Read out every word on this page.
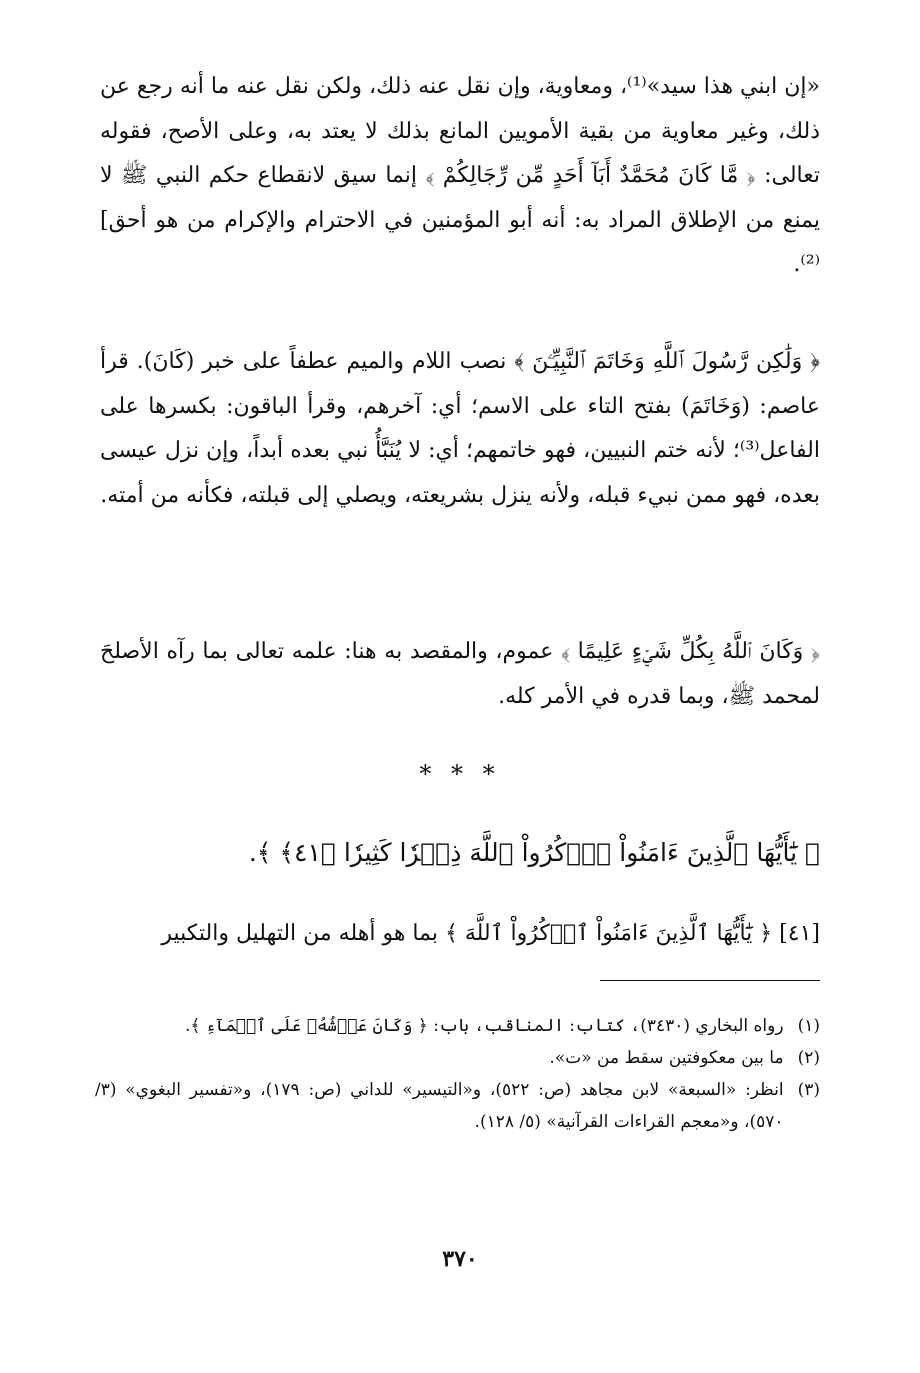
«إن ابني هذا سيد»⁽¹⁾، ومعاوية، وإن نقل عنه ذلك، ولكن نقل عنه ما أنه رجع عن ذلك، وغير معاوية من بقية الأمويين المانع بذلك لا يعتد به، وعلى الأصح، فقوله تعالى: ﴿ مَّا كَانَ مُحَمَّدٌ أَبَآ أَحَدٍ مِّن رِّجَالِكُمْ ﴾ إنما سيق لانقطاع حكم النبي ﷺ لا يمنع من الإطلاق المراد به: أنه أبو المؤمنين في الاحترام والإكرام من هو أحق]⁽²⁾.

﴿ وَلَٰكِن رَّسُولَ ٱللَّهِ وَخَاتَمَ ٱلنَّبِيِّـۧنَ ﴾ نصب اللام والميم عطفاً على خبر (كَانَ). قرأ عاصم: (وَخَاتَمَ) بفتح التاء على الاسم؛ أي: آخرهم، وقرأ الباقون: بكسرها على الفاعل⁽³⁾؛ لأنه ختم النبيين، فهو خاتمهم؛ أي: لا يُنَبَّأُ نبي بعده أبداً، وإن نزل عيسى بعده، فهو ممن نبيء قبله، ولأنه ينزل بشريعته، ويصلي إلى قبلته، فكأنه من أمته.

﴿ وَكَانَ ٱللَّهُ بِكُلِّ شَيۡءٍ عَلِيمًا ﴾ عموم، والمقصد به هنا: علمه تعالى بما رآه الأصلحَ لمحمد ﷺ، وبما قدره في الأمر كله.

* * *
﴿ يَٰٓأَيُّهَا ٱلَّذِينَ ءَامَنُواْ ٱذۡكُرُواْ ٱللَّهَ ذِكۡرٗا كَثِيرٗا ﴿٤١﴾ ﴾.

[٤١] ﴿ يَٰٓأَيُّهَا ٱلَّذِينَ ءَامَنُواْ ٱذۡكُرُواْ ٱللَّهَ ﴾ بما هو أهله من التهليل والتكبير

(١)
رواه البخاري (٣٤٣٠)، كتاب: المناقب، باب: ﴿ وَكَانَ عَرۡشُهُۥ عَلَى ٱلۡمَآءِ ﴾.
(٢)
ما بين معكوفتين سقط من «ت».
(٣)
انظر: «السبعة» لابن مجاهد (ص: ٥٢٢)، و«التيسير» للداني (ص: ١٧٩)، و«تفسير البغوي» (٣/ ٥٧٠)، و«معجم القراءات القرآنية» (٥/ ١٢٨).
٣٧٠
